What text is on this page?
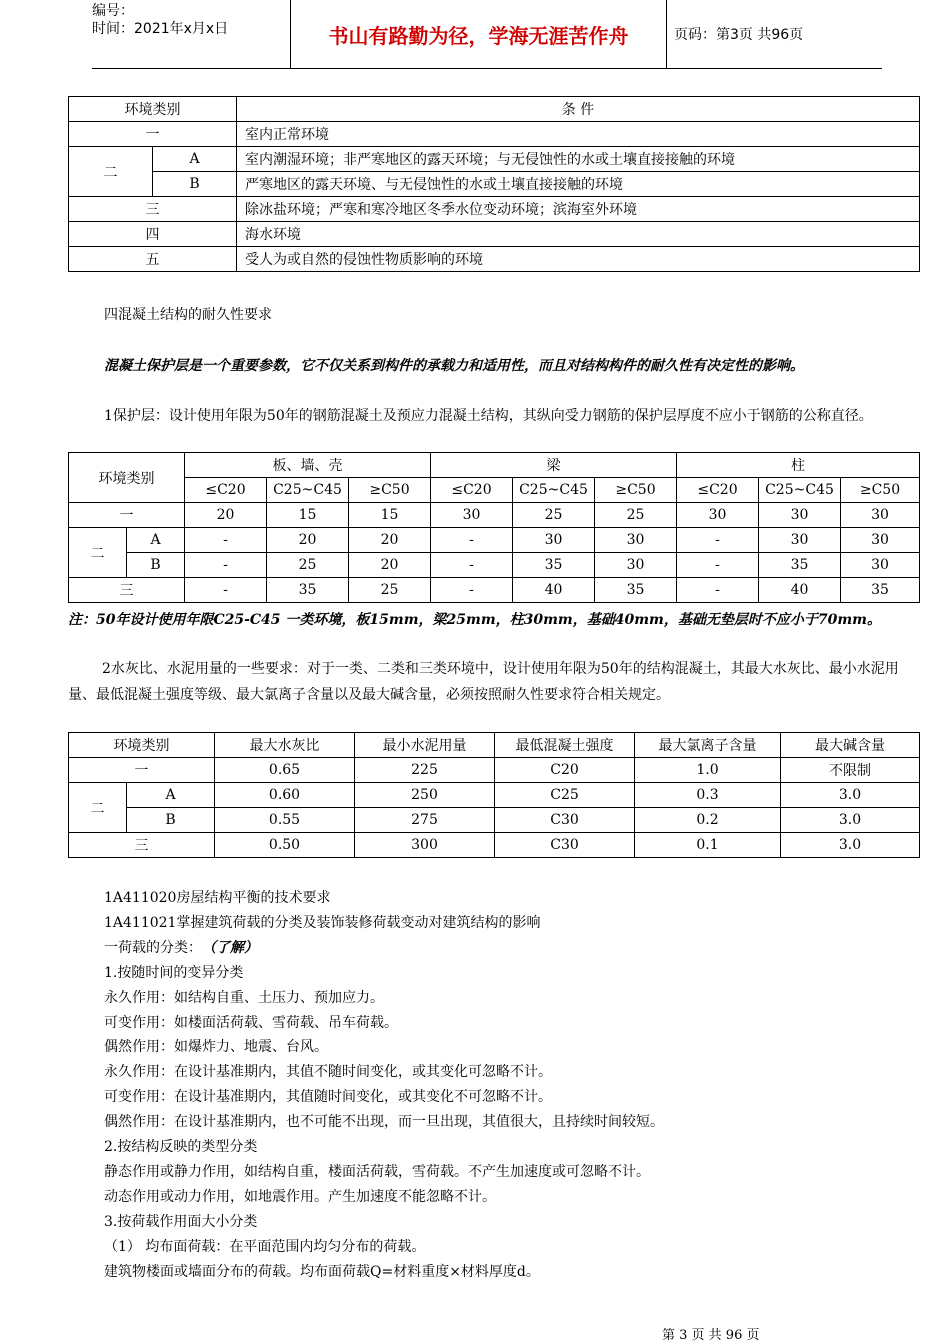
编号：
时间：2021年x月x日	书山有路勤为径，学海无涯苦作舟	页码：第3页 共96页
环境类别		条 件
一		室内正常环境
二	A	室内潮湿环境；非严寒地区的露天环境；与无侵蚀性的水或土壤直接接触的环境
	B	严寒地区的露天环境、与无侵蚀性的水或土壤直接接触的环境
三		除冰盐环境；严寒和寒冷地区冬季水位变动环境；滨海室外环境
四		海水环境
五		受人为或自然的侵蚀性物质影响的环境
四混凝土结构的耐久性要求
混凝土保护层是一个重要参数，它不仅关系到构件的承载力和适用性，而且对结构构件的耐久性有决定性的影响。
1保护层：设计使用年限为50年的钢筋混凝土及预应力混凝土结构，其纵向受力钢筋的保护层厚度不应小于钢筋的公称直径。
环境类别		板、墙、壳			梁			柱		
		≤C20	C25~C45	≥C50	≤C20	C25~C45	≥C50	≤C20	C25~C45	≥C50
一		20	15	15	30	25	25	30	30	30
二	A	-	20	20	-	30	30	-	30	30
	B	-	25	20	-	35	30	-	35	30
三		-	35	25	-	40	35	-	40	35
注：50年设计使用年限C25-C45 一类环境，板15mm，梁25mm，柱30mm，基础40mm，基础无垫层时不应小于70mm。
2水灰比、水泥用量的一些要求：对于一类、二类和三类环境中，设计使用年限为50年的结构混凝土，其最大水灰比、最小水泥用量、最低混凝土强度等级、最大氯离子含量以及最大碱含量，必须按照耐久性要求符合相关规定。
环境类别		最大水灰比	最小水泥用量	最低混凝土强度	最大氯离子含量	最大碱含量
一		0.65	225	C20	1.0	不限制
二	A	0.60	250	C25	0.3	3.0
	B	0.55	275	C30	0.2	3.0
三		0.50	300	C30	0.1	3.0
1A411020房屋结构平衡的技术要求
1A411021掌握建筑荷载的分类及装饰装修荷载变动对建筑结构的影响
一荷载的分类：（了解）
1.按随时间的变异分类
永久作用：如结构自重、土压力、预加应力。
可变作用：如楼面活荷载、雪荷载、吊车荷载。
偶然作用：如爆炸力、地震、台风。
永久作用：在设计基准期内，其值不随时间变化，或其变化可忽略不计。
可变作用：在设计基准期内，其值随时间变化，或其变化不可忽略不计。
偶然作用：在设计基准期内，也不可能不出现，而一旦出现，其值很大，且持续时间较短。
2.按结构反映的类型分类
静态作用或静力作用，如结构自重，楼面活荷载，雪荷载。不产生加速度或可忽略不计。
动态作用或动力作用，如地震作用。产生加速度不能忽略不计。
3.按荷载作用面大小分类
（1） 均布面荷载：在平面范围内均匀分布的荷载。
建筑物楼面或墙面分布的荷载。均布面荷载Q=材料重度×材料厚度d。
第 3 页 共 96 页
